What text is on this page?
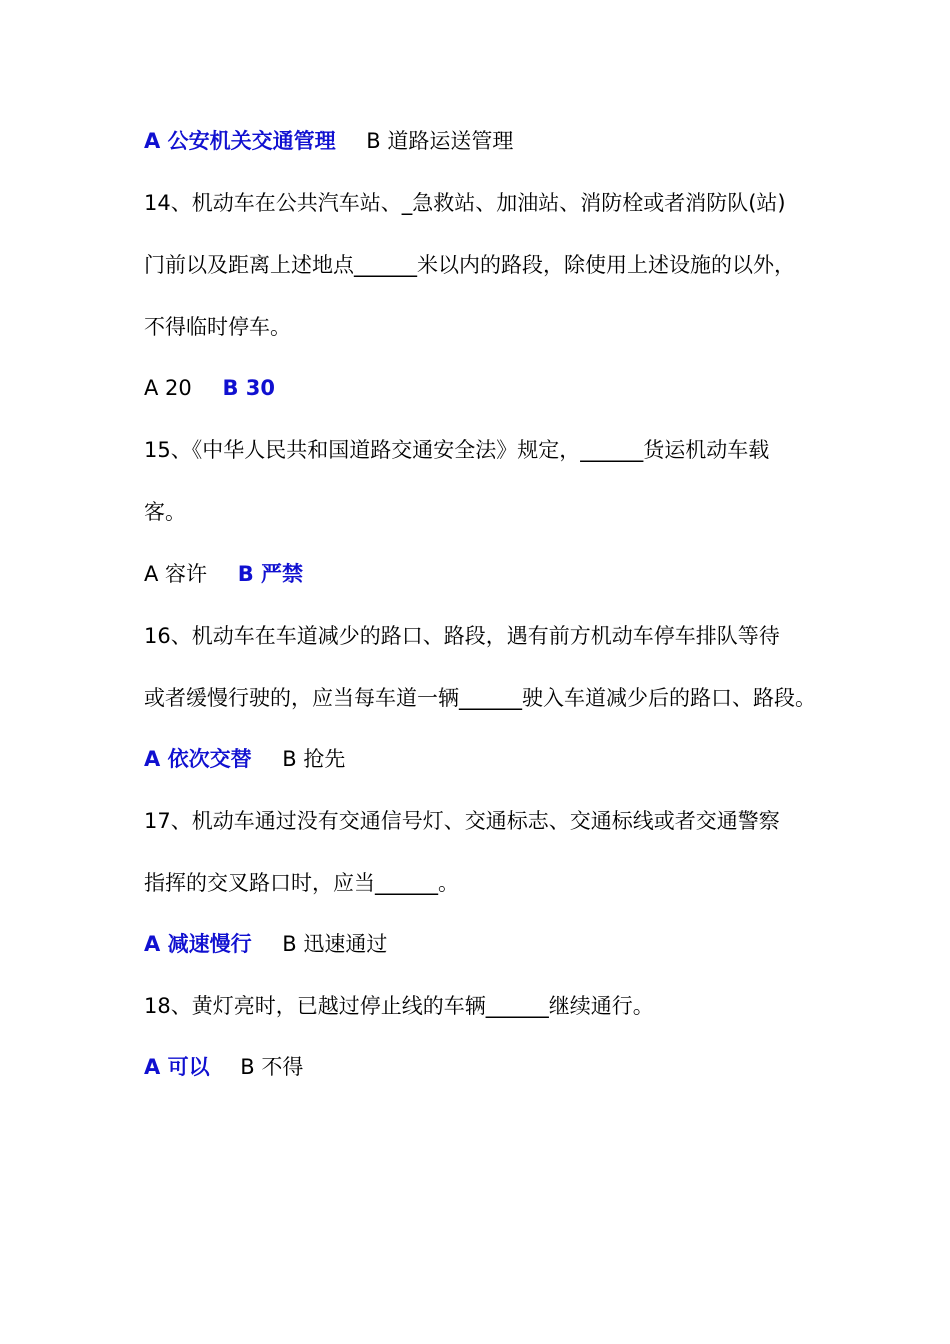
A 公安机关交通管理 B 道路运送管理
14、机动车在公共汽车站、_急救站、加油站、消防栓或者消防队(站)
门前以及距离上述地点______米以内的路段，除使用上述设施的以外，
不得临时停车。
A 20 B 30
15、《中华人民共和国道路交通安全法》规定，______货运机动车载
客。
A 容许 B 严禁
16、机动车在车道减少的路口、路段，遇有前方机动车停车排队等待
或者缓慢行驶的，应当每车道一辆______驶入车道减少后的路口、路段。
A 依次交替 B 抢先
17、机动车通过没有交通信号灯、交通标志、交通标线或者交通警察
指挥的交叉路口时，应当______。
A 减速慢行 B 迅速通过
18、黄灯亮时，已越过停止线的车辆______继续通行。
A 可以 B 不得
